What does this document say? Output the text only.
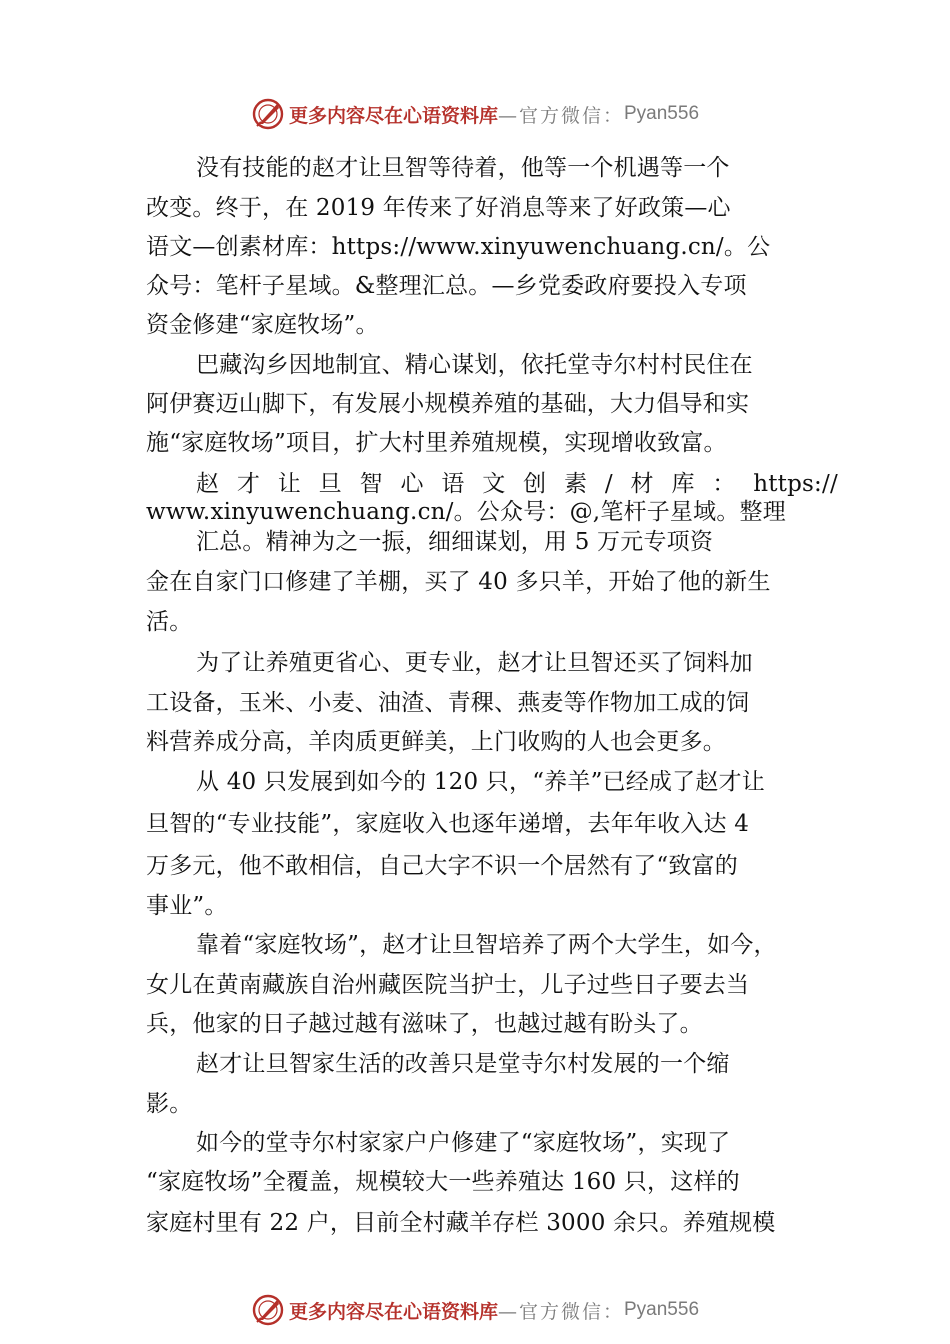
更多内容尽在心语资料库 —官方微信： Pyan556
没有技能的赵才让旦智等待着，他等一个机遇等一个
改变。终于，在 2019 年传来了好消息等来了好政策—心
语文—创素材库：https://www.xinyuwenchuang.cn/。公
众号：笔杆子星域。&整理汇总。—乡党委政府要投入专项
资金修建“家庭牧场”。
巴藏沟乡因地制宜、精心谋划，依托堂寺尔村村民住在
阿伊赛迈山脚下，有发展小规模养殖的基础，大力倡导和实
施“家庭牧场”项目，扩大村里养殖规模，实现增收致富。
赵 才 让 旦 智 心 语 文 创 素 / 材 库 ： https://
www.xinyuwenchuang.cn/。公众号：@,笔杆子星域。整理
汇总。精神为之一振，细细谋划，用 5 万元专项资
金在自家门口修建了羊棚，买了 40 多只羊，开始了他的新生
活。
为了让养殖更省心、更专业，赵才让旦智还买了饲料加
工设备，玉米、小麦、油渣、青稞、燕麦等作物加工成的饲
料营养成分高，羊肉质更鲜美，上门收购的人也会更多。
从 40 只发展到如今的 120 只，“养羊”已经成了赵才让
旦智的“专业技能”，家庭收入也逐年递增，去年年收入达 4
万多元，他不敢相信，自己大字不识一个居然有了“致富的
事业”。
靠着“家庭牧场”，赵才让旦智培养了两个大学生，如今，
女儿在黄南藏族自治州藏医院当护士，儿子过些日子要去当
兵，他家的日子越过越有滋味了，也越过越有盼头了。
赵才让旦智家生活的改善只是堂寺尔村发展的一个缩
影。
如今的堂寺尔村家家户户修建了“家庭牧场”，实现了
“家庭牧场”全覆盖，规模较大一些养殖达 160 只，这样的
家庭村里有 22 户，目前全村藏羊存栏 3000 余只。养殖规模
更多内容尽在心语资料库 —官方微信： Pyan556
